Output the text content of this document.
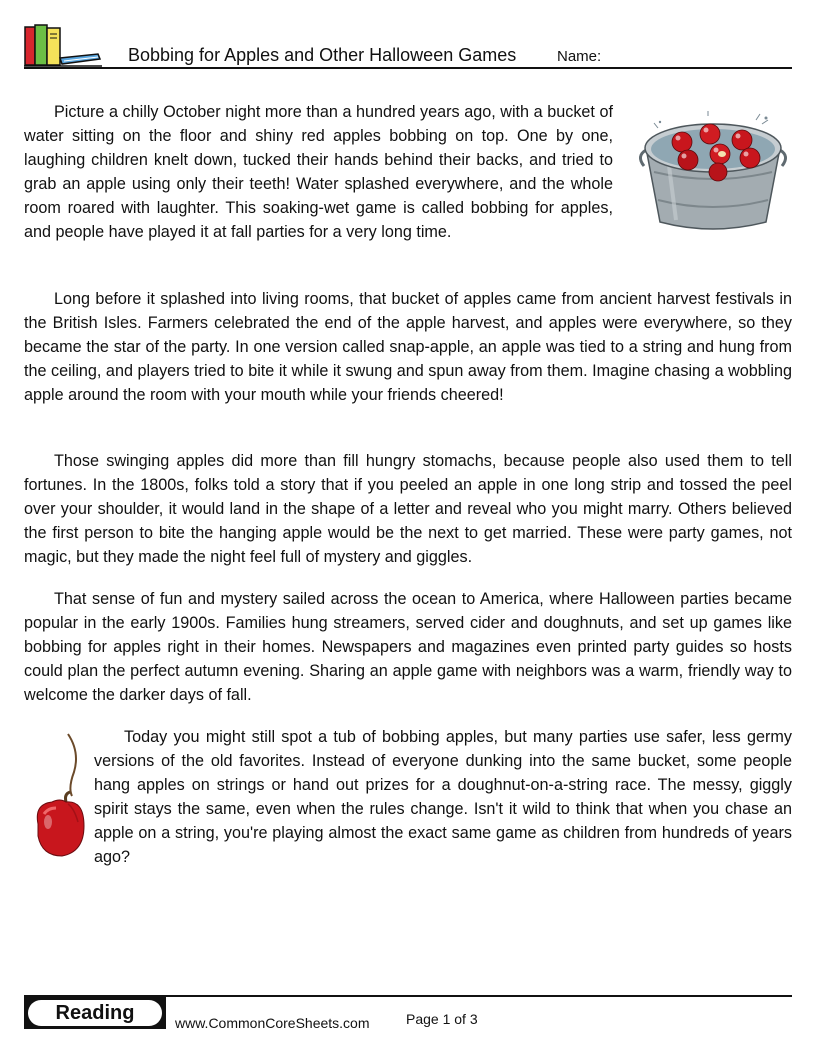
Bobbing for Apples and Other Halloween Games	Name:

Picture a chilly October night more than a hundred years ago, with a bucket of water sitting on the floor and shiny red apples bobbing on top. One by one, laughing children knelt down, tucked their hands behind their backs, and tried to grab an apple using only their teeth! Water splashed everywhere, and the whole room roared with laughter. This soaking-wet game is called bobbing for apples, and people have played it at fall parties for a very long time.

Long before it splashed into living rooms, that bucket of apples came from ancient harvest festivals in the British Isles. Farmers celebrated the end of the apple harvest, and apples were everywhere, so they became the star of the party. In one version called snap-apple, an apple was tied to a string and hung from the ceiling, and players tried to bite it while it swung and spun away from them. Imagine chasing a wobbling apple around the room with your mouth while your friends cheered!

Those swinging apples did more than fill hungry stomachs, because people also used them to tell fortunes. In the 1800s, folks told a story that if you peeled an apple in one long strip and tossed the peel over your shoulder, it would land in the shape of a letter and reveal who you might marry. Others believed the first person to bite the hanging apple would be the next to get married. These were party games, not magic, but they made the night feel full of mystery and giggles.

That sense of fun and mystery sailed across the ocean to America, where Halloween parties became popular in the early 1900s. Families hung streamers, served cider and doughnuts, and set up games like bobbing for apples right in their homes. Newspapers and magazines even printed party guides so hosts could plan the perfect autumn evening. Sharing an apple game with neighbors was a warm, friendly way to welcome the darker days of fall.

Today you might still spot a tub of bobbing apples, but many parties use safer, less germy versions of the old favorites. Instead of everyone dunking into the same bucket, some people hang apples on strings or hand out prizes for a doughnut-on-a-string race. The messy, giggly spirit stays the same, even when the rules change. Isn't it wild to think that when you chase an apple on a string, you're playing almost the exact same game as children from hundreds of years ago?

Reading	www.CommonCoreSheets.com	Page 1 of 3
